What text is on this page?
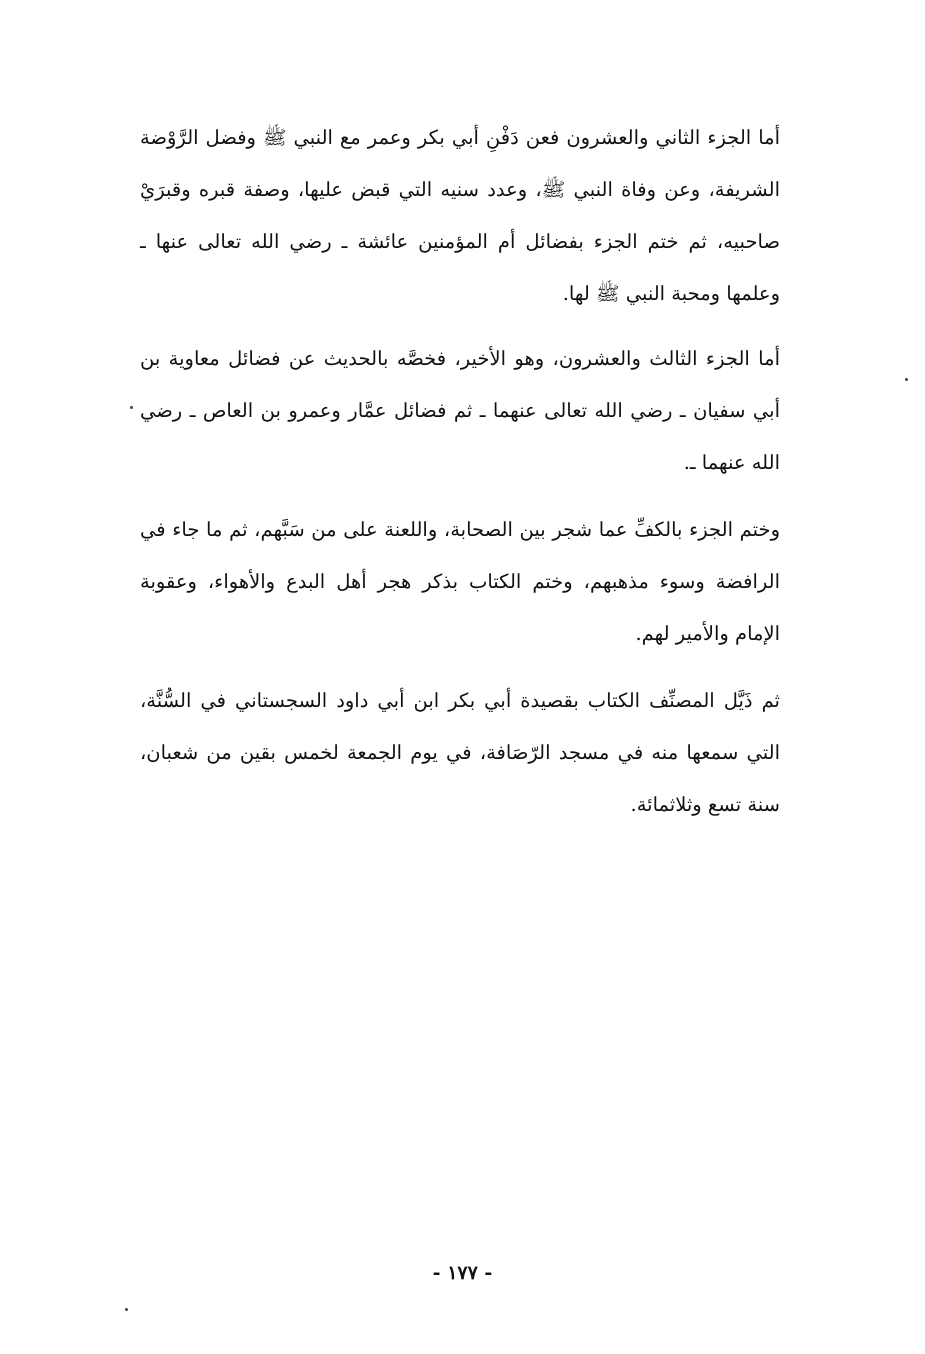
أما الجزء الثاني والعشرون فعن دَفْنِ أبي بكر وعمر مع النبي ﷺ وفضل الرَّوْضة الشريفة، وعن وفاة النبي ﷺ، وعدد سنيه التي قبض عليها، وصفة قبره وقبرَيْ صاحبيه، ثم ختم الجزء بفضائل أم المؤمنين عائشة ـ رضي الله تعالى عنها ـ وعلمها ومحبة النبي ﷺ لها.

أما الجزء الثالث والعشرون، وهو الأخير، فخصَّه بالحديث عن فضائل معاوية بن أبي سفيان ـ رضي الله تعالى عنهما ـ ثم فضائل عمَّار وعمرو بن العاص ـ رضي الله عنهما ـ.

وختم الجزء بالكفِّ عما شجر بين الصحابة، واللعنة على من سَبَّهم، ثم ما جاء في الرافضة وسوء مذهبهم، وختم الكتاب بذكر هجر أهل البدع والأهواء، وعقوبة الإمام والأمير لهم.

ثم ذَيَّل المصنِّف الكتاب بقصيدة أبي بكر ابن أبي داود السجستاني في السُّنَّة، التي سمعها منه في مسجد الرّصَافة، في يوم الجمعة لخمس بقين من شعبان، سنة تسع وثلاثمائة.

- ١٧٧ -
